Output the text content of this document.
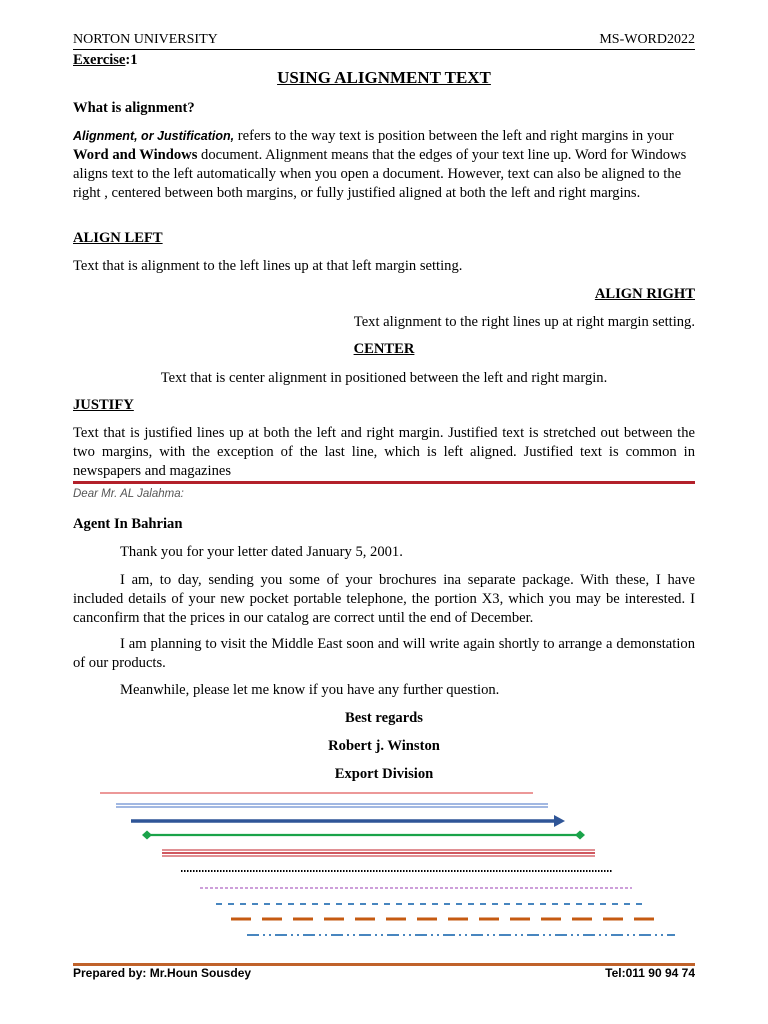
NORTON UNIVERSITY	MS-WORD2022
Exercise:1
USING ALIGNMENT TEXT
What is alignment?
Alignment, or Justification, refers to the way text is position between the left and right margins in your Word and Windows document. Alignment means that the edges of your text line up. Word for Windows aligns text to the left automatically when you open a document. However, text can also be aligned to the right , centered between both margins, or fully justified aligned at both the left and right margins.
ALIGN LEFT
Text that is alignment to the left lines up at that left margin setting.
ALIGN RIGHT
Text alignment to the right lines up at right margin setting.
CENTER
Text that is center alignment in positioned between the left and right margin.
JUSTIFY
Text that is justified lines up at both the left and right margin. Justified text is stretched out between the two margins, with the exception of the last line, which is left aligned. Justified text is common in newspapers and magazines
Dear Mr. AL Jalahma:
Agent In Bahrian
Thank you for your letter dated January 5, 2001.
I am, to day, sending you some of your brochures ina separate package. With these, I have included details of your new pocket portable telephone, the portion X3, which you may be interested. I canconfirm that the prices in our catalog are correct until the end of December.
I am planning to visit the Middle East soon and will write again shortly to arrange a demonstation of our products.
Meanwhile, please let me know if you have any further question.
Best regards
Robert j. Winston
Export Division
Prepared by: Mr.Houn Sousdey	Tel:011 90 94 74
